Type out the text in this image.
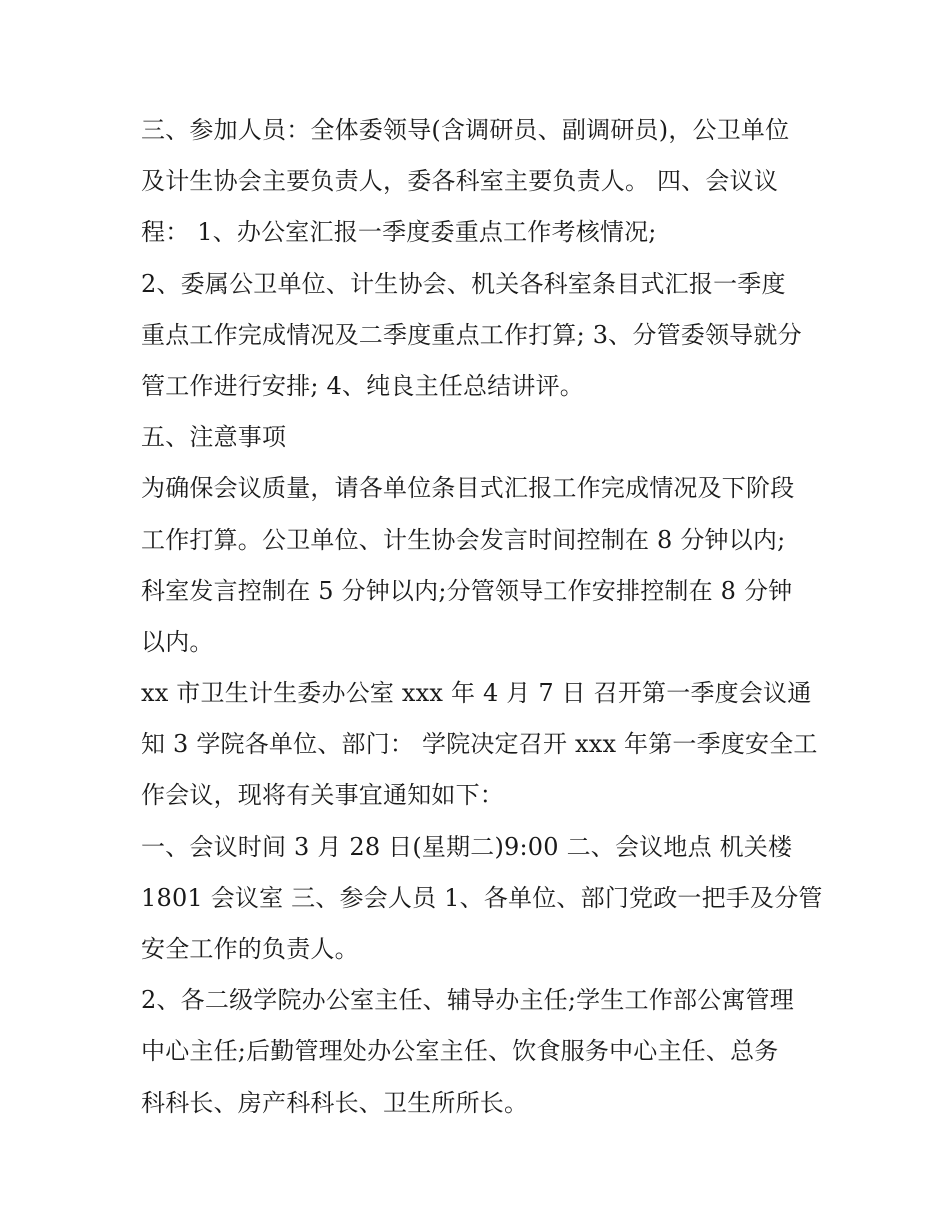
三、参加人员：全体委领导(含调研员、副调研员)，公卫单位
及计生协会主要负责人，委各科室主要负责人。 四、会议议
程： 1、办公室汇报一季度委重点工作考核情况;
2、委属公卫单位、计生协会、机关各科室条目式汇报一季度
重点工作完成情况及二季度重点工作打算; 3、分管委领导就分
管工作进行安排; 4、纯良主任总结讲评。
五、注意事项
为确保会议质量，请各单位条目式汇报工作完成情况及下阶段
工作打算。公卫单位、计生协会发言时间控制在 8 分钟以内;
科室发言控制在 5 分钟以内;分管领导工作安排控制在 8 分钟
以内。
xx 市卫生计生委办公室 xxx 年 4 月 7 日 召开第一季度会议通
知 3 学院各单位、部门： 学院决定召开 xxx 年第一季度安全工
作会议，现将有关事宜通知如下：
一、会议时间 3 月 28 日(星期二)9:00 二、会议地点 机关楼
1801 会议室 三、参会人员 1、各单位、部门党政一把手及分管
安全工作的负责人。
2、各二级学院办公室主任、辅导办主任;学生工作部公寓管理
中心主任;后勤管理处办公室主任、饮食服务中心主任、总务
科科长、房产科科长、卫生所所长。
